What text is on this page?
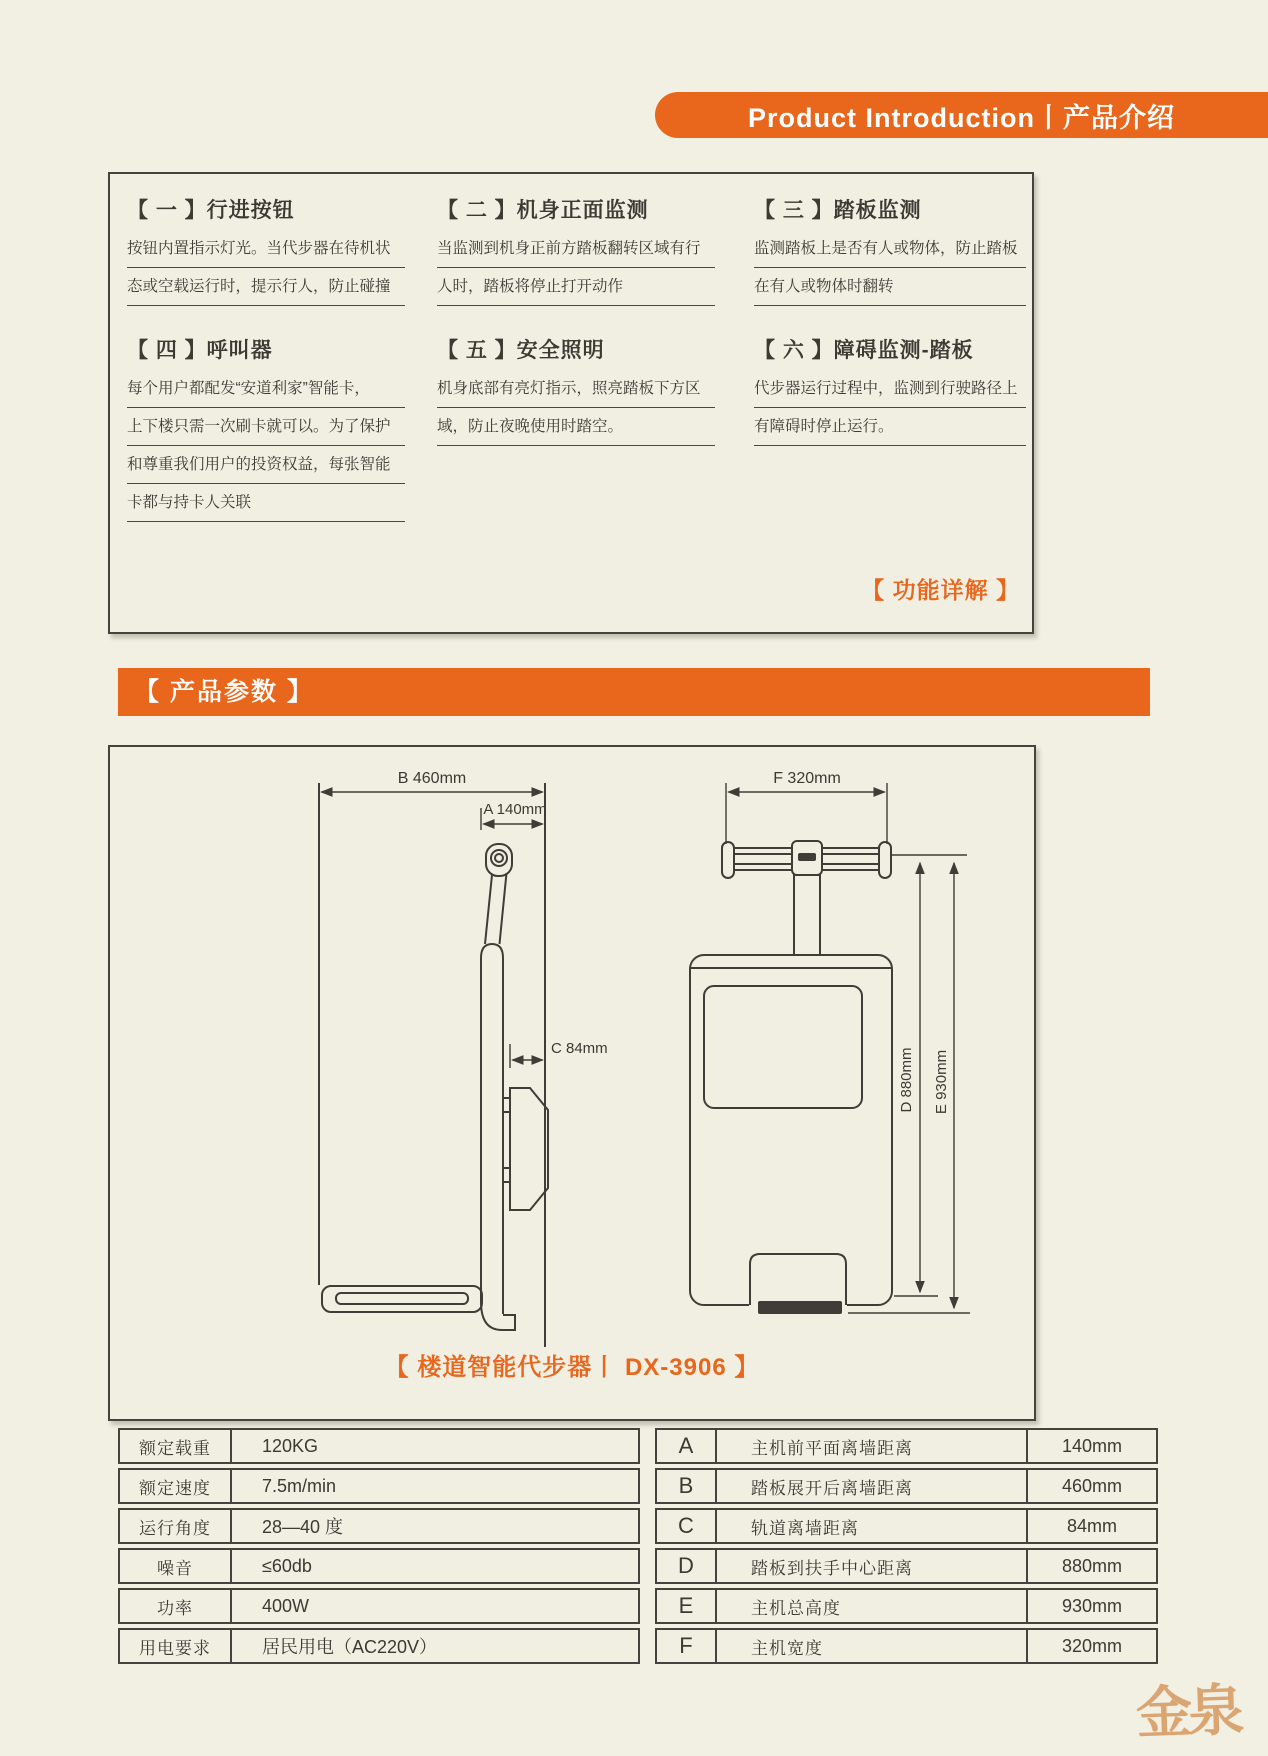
Product Introduction丨产品介绍
【 一 】行进按钮
按钮内置指示灯光。当代步器在待机状
态或空载运行时，提示行人，防止碰撞
【 二 】机身正面监测
当监测到机身正前方踏板翻转区域有行
人时，踏板将停止打开动作
【 三 】踏板监测
监测踏板上是否有人或物体，防止踏板
在有人或物体时翻转
【 四 】呼叫器
每个用户都配发“安道利家”智能卡，
上下楼只需一次刷卡就可以。为了保护
和尊重我们用户的投资权益，每张智能
卡都与持卡人关联
【 五 】安全照明
机身底部有亮灯指示，照亮踏板下方区
域，防止夜晚使用时踏空。
【 六 】障碍监测-踏板
代步器运行过程中，监测到行驶路径上
有障碍时停止运行。
【 功能详解 】
【 产品参数 】
B 460mm
A 140mm
C 84mm
F 320mm
D 880mm E 930mm
【 楼道智能代步器丨 DX-3906 】
额定载重	120KG
额定速度	7.5m/min
运行角度	28—40 度
噪音	≤60db
功率	400W
用电要求	居民用电（AC220V）
A	主机前平面离墙距离	140mm
B	踏板展开后离墙距离	460mm
C	轨道离墙距离	84mm
D	踏板到扶手中心距离	880mm
E	主机总高度	930mm
F	主机宽度	320mm
金泉
